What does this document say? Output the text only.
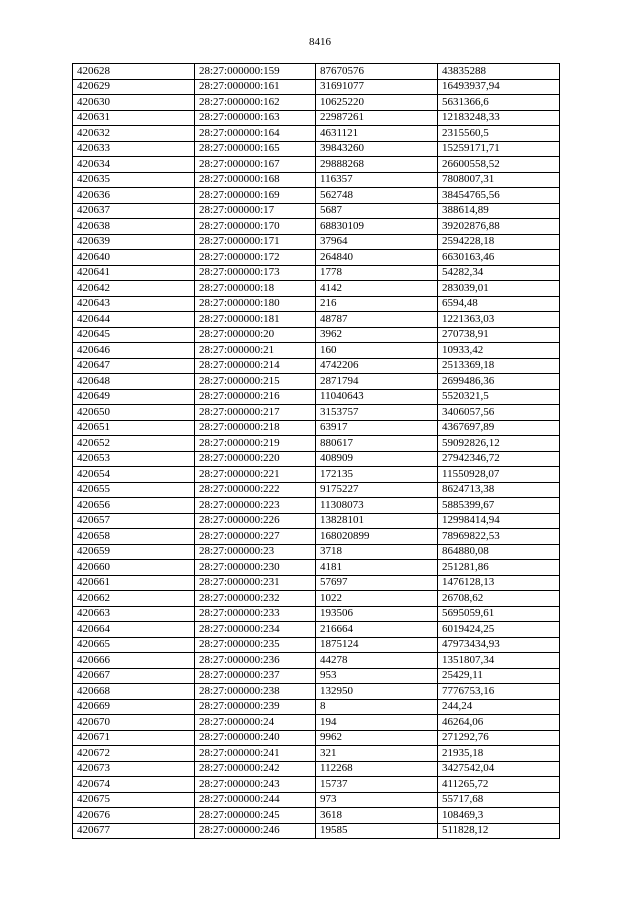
8416
420628	28:27:000000:159	87670576	43835288
420629	28:27:000000:161	31691077	16493937,94
420630	28:27:000000:162	10625220	5631366,6
420631	28:27:000000:163	22987261	12183248,33
420632	28:27:000000:164	4631121	2315560,5
420633	28:27:000000:165	39843260	15259171,71
420634	28:27:000000:167	29888268	26600558,52
420635	28:27:000000:168	116357	7808007,31
420636	28:27:000000:169	562748	38454765,56
420637	28:27:000000:17	5687	388614,89
420638	28:27:000000:170	68830109	39202876,88
420639	28:27:000000:171	37964	2594228,18
420640	28:27:000000:172	264840	6630163,46
420641	28:27:000000:173	1778	54282,34
420642	28:27:000000:18	4142	283039,01
420643	28:27:000000:180	216	6594,48
420644	28:27:000000:181	48787	1221363,03
420645	28:27:000000:20	3962	270738,91
420646	28:27:000000:21	160	10933,42
420647	28:27:000000:214	4742206	2513369,18
420648	28:27:000000:215	2871794	2699486,36
420649	28:27:000000:216	11040643	5520321,5
420650	28:27:000000:217	3153757	3406057,56
420651	28:27:000000:218	63917	4367697,89
420652	28:27:000000:219	880617	59092826,12
420653	28:27:000000:220	408909	27942346,72
420654	28:27:000000:221	172135	11550928,07
420655	28:27:000000:222	9175227	8624713,38
420656	28:27:000000:223	11308073	5885399,67
420657	28:27:000000:226	13828101	12998414,94
420658	28:27:000000:227	168020899	78969822,53
420659	28:27:000000:23	3718	864880,08
420660	28:27:000000:230	4181	251281,86
420661	28:27:000000:231	57697	1476128,13
420662	28:27:000000:232	1022	26708,62
420663	28:27:000000:233	193506	5695059,61
420664	28:27:000000:234	216664	6019424,25
420665	28:27:000000:235	1875124	47973434,93
420666	28:27:000000:236	44278	1351807,34
420667	28:27:000000:237	953	25429,11
420668	28:27:000000:238	132950	7776753,16
420669	28:27:000000:239	8	244,24
420670	28:27:000000:24	194	46264,06
420671	28:27:000000:240	9962	271292,76
420672	28:27:000000:241	321	21935,18
420673	28:27:000000:242	112268	3427542,04
420674	28:27:000000:243	15737	411265,72
420675	28:27:000000:244	973	55717,68
420676	28:27:000000:245	3618	108469,3
420677	28:27:000000:246	19585	511828,12
